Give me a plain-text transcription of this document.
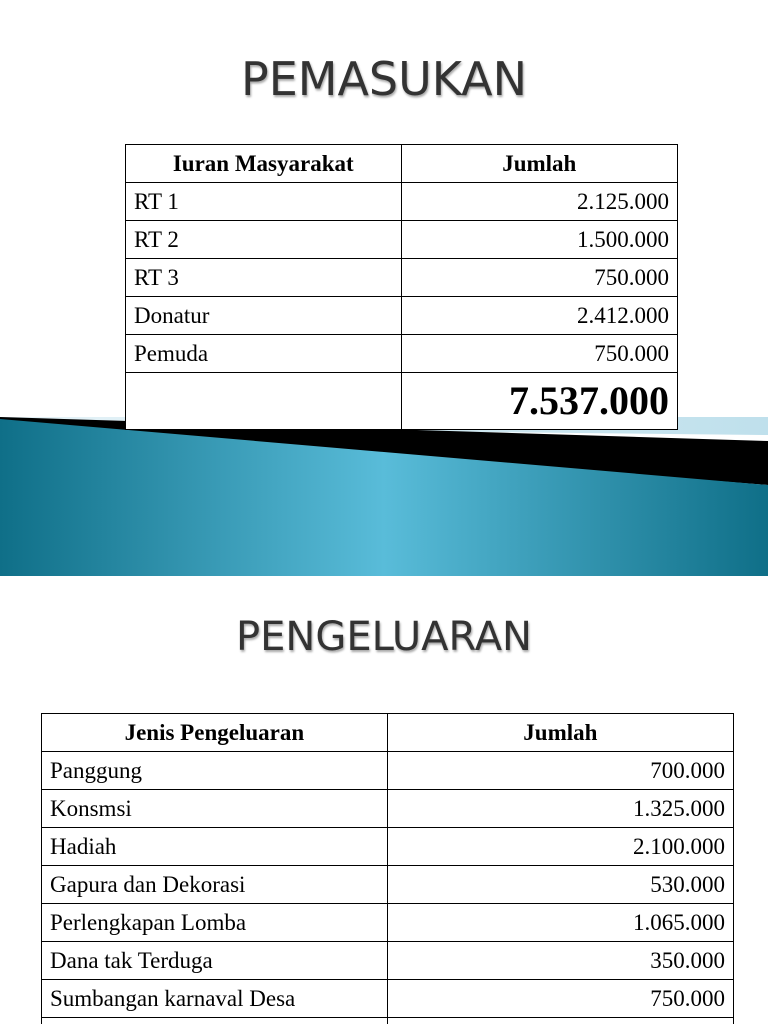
PEMASUKAN
Iuran Masyarakat	Jumlah
RT 1	2.125.000
RT 2	1.500.000
RT 3	750.000
Donatur	2.412.000
Pemuda	750.000
	7.537.000
PENGELUARAN
Jenis Pengeluaran	Jumlah
Panggung	700.000
Konsmsi	1.325.000
Hadiah	2.100.000
Gapura dan Dekorasi	530.000
Perlengkapan Lomba	1.065.000
Dana tak Terduga	350.000
Sumbangan karnaval Desa	750.000
